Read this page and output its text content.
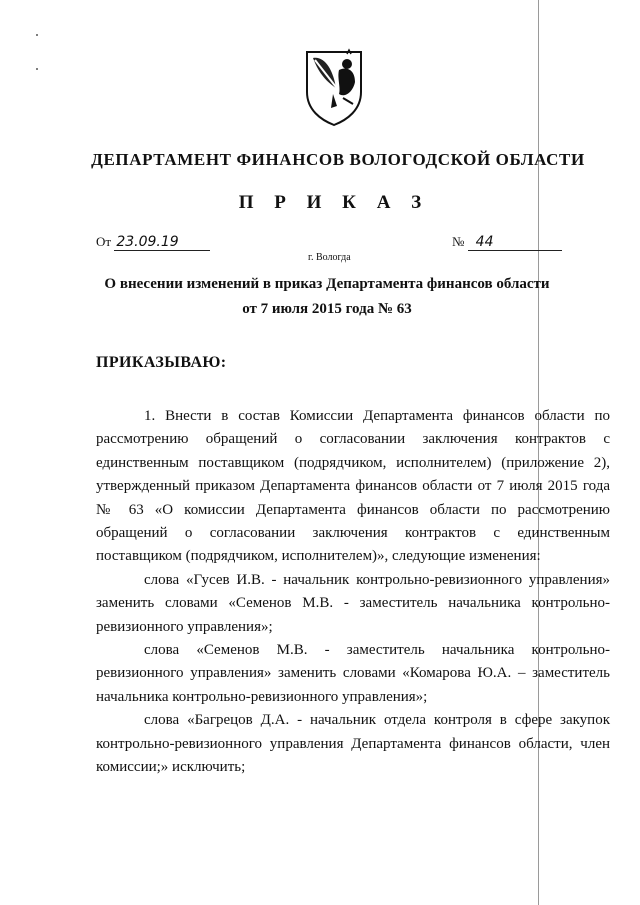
ДЕПАРТАМЕНТ ФИНАНСОВ ВОЛОГОДСКОЙ ОБЛАСТИ
П Р И К А З
От 23.09.19	№ 44
г. Вологда
О внесении изменений в приказ Департамента финансов области
от 7 июля 2015 года № 63
ПРИКАЗЫВАЮ:

1. Внести в состав Комиссии Департамента финансов области по рассмотрению обращений о согласовании заключения контрактов с единственным поставщиком (подрядчиком, исполнителем) (приложение 2), утвержденный приказом Департамента финансов области от 7 июля 2015 года № 63 «О комиссии Департамента финансов области по рассмотрению обращений о согласовании заключения контрактов с единственным поставщиком (подрядчиком, исполнителем)», следующие изменения:

слова «Гусев И.В. - начальник контрольно-ревизионного управления» заменить словами «Семенов М.В. - заместитель начальника контрольно-ревизионного управления»;

слова «Семенов М.В. - заместитель начальника контрольно-ревизионного управления» заменить словами «Комарова Ю.А. – заместитель начальника контрольно-ревизионного управления»;

слова «Багрецов Д.А. - начальник отдела контроля в сфере закупок контрольно-ревизионного управления Департамента финансов области, член комиссии;» исключить;
